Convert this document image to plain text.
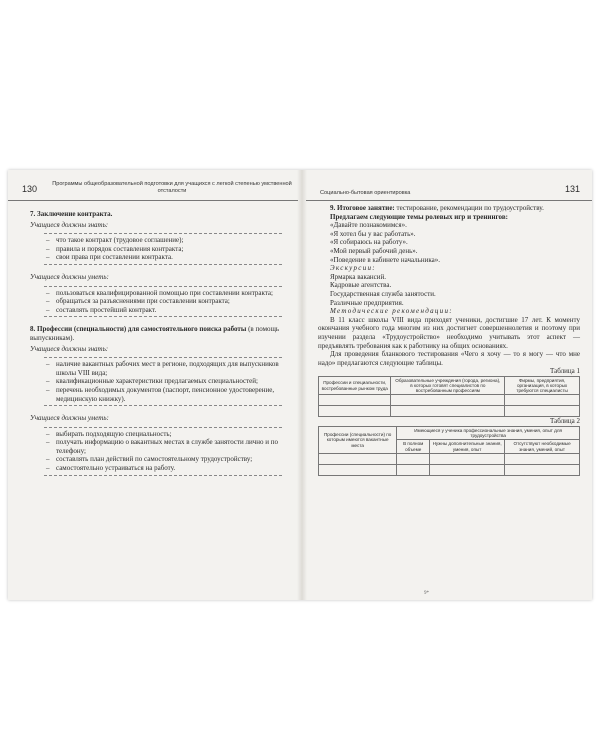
130	Программы общеобразовательной подготовки для учащихся с легкой степенью умственной отсталости

7. Заключение контракта.

Учащиеся должны знать:

– что такое контракт (трудовое соглашение);
– правила и порядок составления контракта;
– свои права при составлении контракта.

Учащиеся должны уметь:

– пользоваться квалифицированной помощью при составлении контракта;
– обращаться за разъяснениями при составлении контракта;
– составлять простейший контракт.

8. Профессии (специальности) для самостоятельного поиска работы (в помощь выпускникам).

Учащиеся должны знать:

– наличие вакантных рабочих мест в регионе, подходящих для выпускников школы VIII вида;
– квалификационные характеристики предлагаемых специальностей;
– перечень необходимых документов (паспорт, пенсионное удостоверение, медицинскую книжку).

Учащиеся должны уметь:

– выбирать подходящую специальность;
– получать информацию о вакантных местах в службе занятости лично и по телефону;
– составлять план действий по самостоятельному трудоустройству;
– самостоятельно устраиваться на работу.
Социально-бытовая ориентировка	131

9. Итоговое занятие: тестирование, рекомендации по трудоустройству.

Предлагаем следующие темы ролевых игр и тренингов:

«Давайте познакомимся».

«Я хотел бы у вас работать».

«Я собираюсь на работу».

«Мой первый рабочий день».

«Поведение в кабинете начальника».

Экскурсии:

Ярмарка вакансий.

Кадровые агентства.

Государственная служба занятости.

Различные предприятия.

Методические рекомендации:

В 11 класс школы VIII вида приходят ученики, достигшие 17 лет. К моменту окончания учебного года многим из них достигнет совершеннолетия и поэтому при изучении раздела «Трудоустройство» необходимо учитывать этот аспект — предъявлять требования как к работнику на общих основаниях.

Для проведения бланкового тестирования «Чего я хочу — то я могу — что мне надо» предлагаются следующие таблицы.

Таблица 1

Профессии и специальности, востребованные рынком труда	Образовательные учреждения (города, региона), в которых готовят специалистов по востребованным профессиям	Фирмы, предприятия, организация, в которых требуются специалисты

Таблица 2

Профессии (специальности) по которым имеются вакантные места	Имеющиеся у ученика профессиональные знания, умения, опыт для трудоустройства		
	В полном объеме	Нужны дополнительные знания, умения, опыт	Отсутствуют необходимые знания, умений, опыт

9*
